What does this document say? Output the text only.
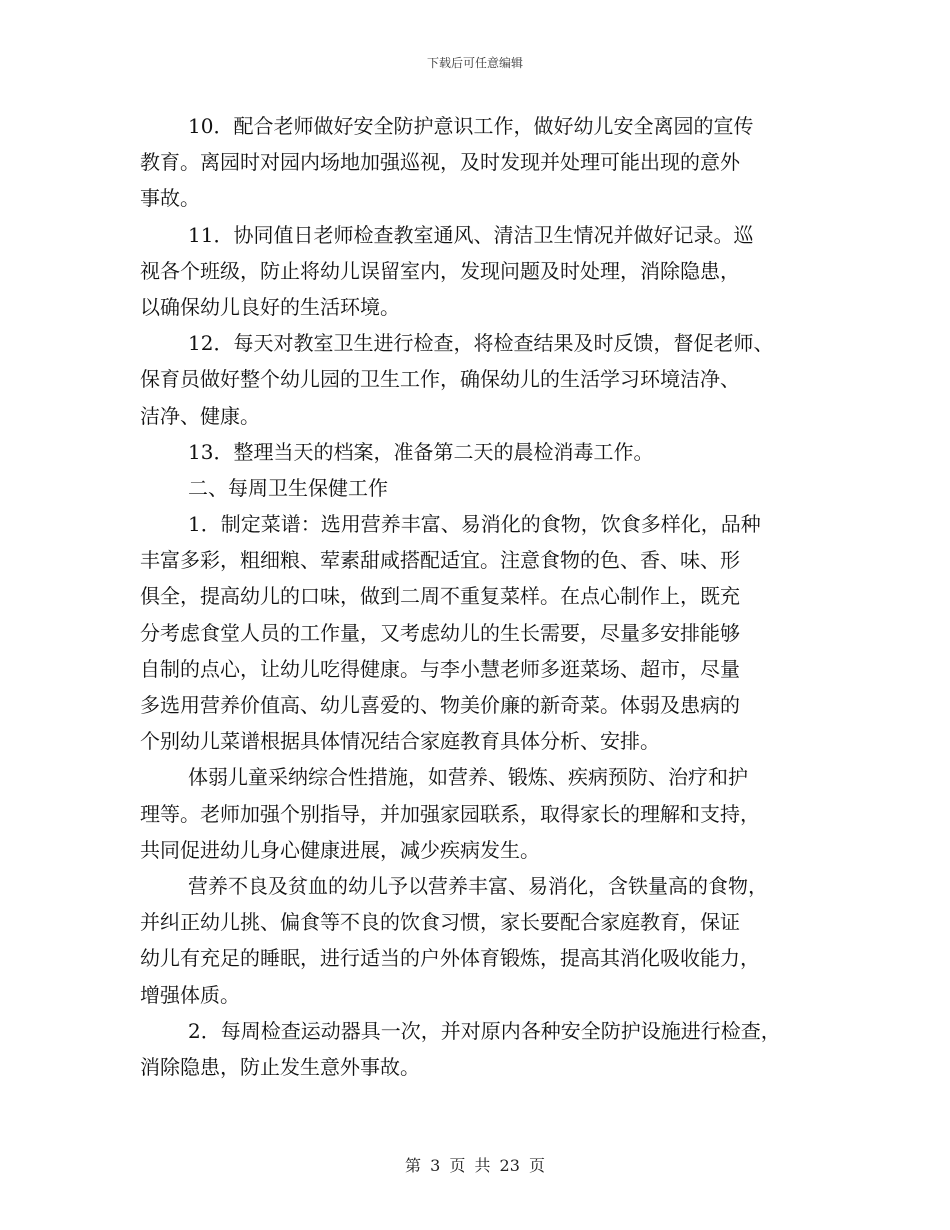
下载后可任意编辑
10．配合老师做好安全防护意识工作，做好幼儿安全离园的宣传
教育。离园时对园内场地加强巡视，及时发现并处理可能出现的意外
事故。
11．协同值日老师检查教室通风、清洁卫生情况并做好记录。巡
视各个班级，防止将幼儿误留室内，发现问题及时处理，消除隐患，
以确保幼儿良好的生活环境。
12．每天对教室卫生进行检查，将检查结果及时反馈，督促老师、
保育员做好整个幼儿园的卫生工作，确保幼儿的生活学习环境洁净、
洁净、健康。
13．整理当天的档案，准备第二天的晨检消毒工作。
二、每周卫生保健工作
1．制定菜谱：选用营养丰富、易消化的食物，饮食多样化，品种
丰富多彩，粗细粮、荤素甜咸搭配适宜。注意食物的色、香、味、形
俱全，提高幼儿的口味，做到二周不重复菜样。在点心制作上，既充
分考虑食堂人员的工作量，又考虑幼儿的生长需要，尽量多安排能够
自制的点心，让幼儿吃得健康。与李小慧老师多逛菜场、超市，尽量
多选用营养价值高、幼儿喜爱的、物美价廉的新奇菜。体弱及患病的
个别幼儿菜谱根据具体情况结合家庭教育具体分析、安排。
体弱儿童采纳综合性措施，如营养、锻炼、疾病预防、治疗和护
理等。老师加强个别指导，并加强家园联系，取得家长的理解和支持，
共同促进幼儿身心健康进展，减少疾病发生。
营养不良及贫血的幼儿予以营养丰富、易消化，含铁量高的食物，
并纠正幼儿挑、偏食等不良的饮食习惯，家长要配合家庭教育，保证
幼儿有充足的睡眠，进行适当的户外体育锻炼，提高其消化吸收能力，
增强体质。
2．每周检查运动器具一次，并对原内各种安全防护设施进行检查，
消除隐患，防止发生意外事故。
第 3 页 共 23 页
